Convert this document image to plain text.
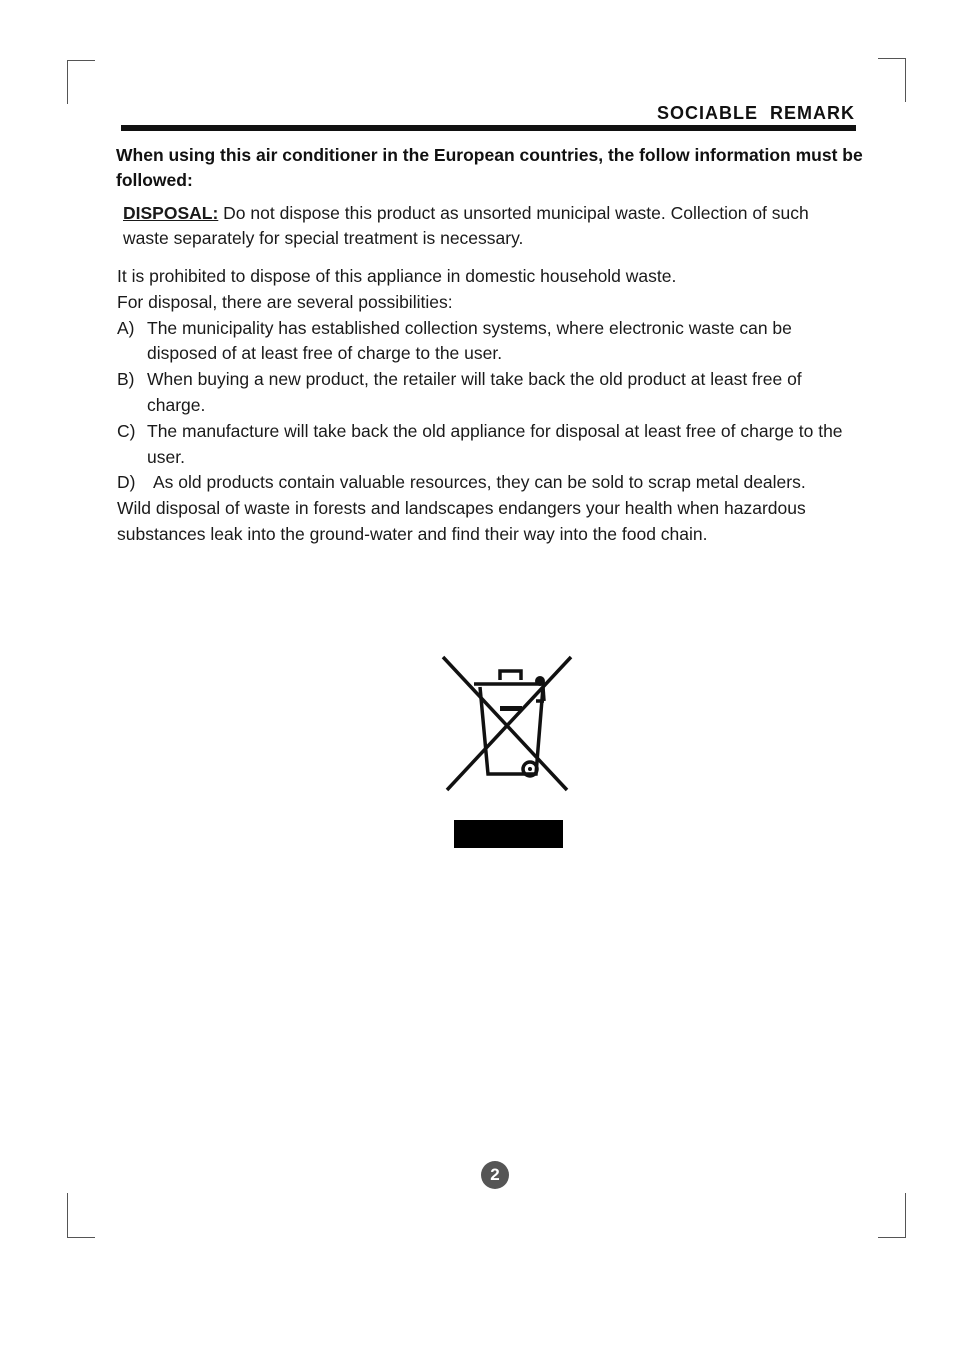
SOCIABLE  REMARK
When using this air conditioner in the European countries, the follow information must be followed:
DISPOSAL: Do not dispose this product as unsorted municipal waste. Collection of such waste separately for special treatment is necessary.

It is prohibited to dispose of this appliance in domestic household waste.

For disposal, there are several possibilities:

A) The municipality has established collection systems, where electronic waste can be disposed of at least free of charge to the user.
B) When buying a new product, the retailer will take back the old product at least free of charge.
C) The manufacture will take back the old appliance for disposal at least free of charge to the user.
D)	As old products contain valuable resources, they can be sold to scrap metal dealers.

Wild disposal of waste in forests and landscapes endangers your health when hazardous substances leak into the ground-water and find their way into the food chain.

2
